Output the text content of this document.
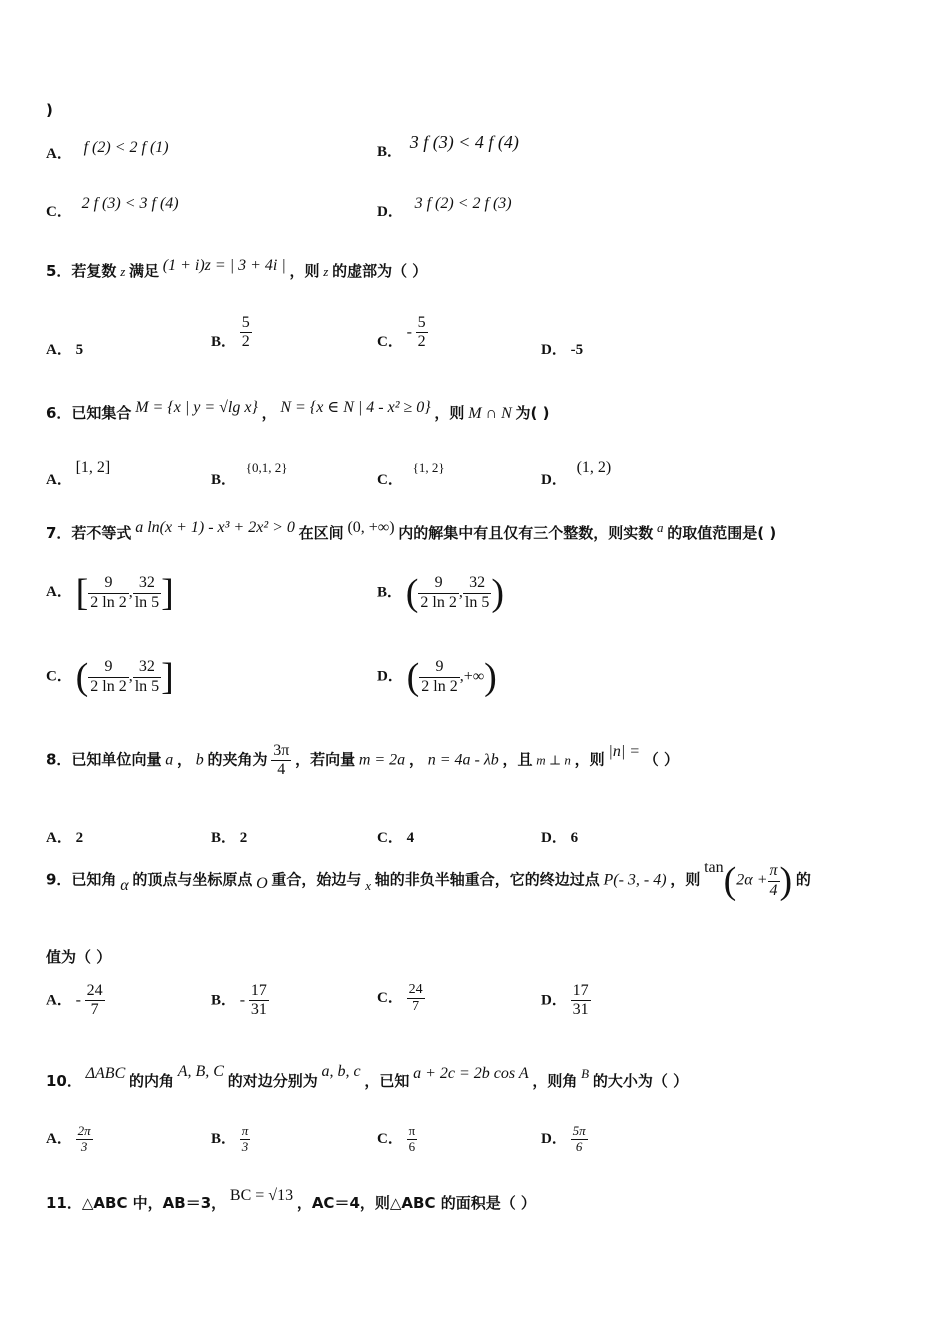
)
A． f (2) < 2 f (1)	B． 3 f (3) < 4 f (4)
C． 2 f (3) < 3 f (4)	D． 3 f (2) < 2 f (3)
5．若复数 z 满足 (1 + i)z = | 3 + 4i | ，则 z 的虚部为（ ）
A． 5	B． $\frac{5}{2}$	C． - $\frac{5}{2}$	D． -5
6．已知集合 M = {x | y = √lg x} ， N = {x ∈ N | 4 - x² ≥ 0} ，则 M ∩ N 为( )
A． [1, 2]
B． {0,1, 2}
C． {1, 2}
D． (1, 2)
7．若不等式 a ln(x + 1) - x³ + 2x² > 0 在区间 (0, +∞) 内的解集中有且仅有三个整数，则实数 a 的取值范围是( )
A． [ $\frac{9}{2 \ln 2}$ , $\frac{32}{\ln 5}$ ]	B． ( $\frac{9}{2 \ln 2}$ , $\frac{32}{\ln 5}$ )
C． ( $\frac{9}{2 \ln 2}$ , $\frac{32}{\ln 5}$ ]	D． ( $\frac{9}{2 \ln 2}$ ,+∞)
8．已知单位向量 a ， b 的夹角为 $\frac{3\pi}{4}$ ，若向量 m = 2a ， n = 4a - λb ，且 m ⊥ n ，则 |n| = （ ）
A． 2	B． 2	C． 4	D． 6
9．已知角 α 的顶点与坐标原点 O 重合，始边与 x 轴的非负半轴重合，它的终边过点 P(- 3, - 4) ，则 $\tan(2\alpha + \frac{\pi}{4}$ ) 的
值为（ ）
A． - $\frac{24}{7}$	B． - $\frac{17}{31}$	C． $\frac{24}{7}$	D． $\frac{17}{31}$
10． ΔABC 的内角 A, B, C 的对边分别为 a, b, c ，已知 a + 2c = 2b cos A ，则角 B 的大小为（ ）
A． $\frac{2\pi}{3}$	B． $\frac{\pi}{3}$	C． $\frac{\pi}{6}$	D． $\frac{5\pi}{6}$
11．△ABC 中，AB＝3， BC = √13 ，AC＝4，则△ABC 的面积是（ ）
